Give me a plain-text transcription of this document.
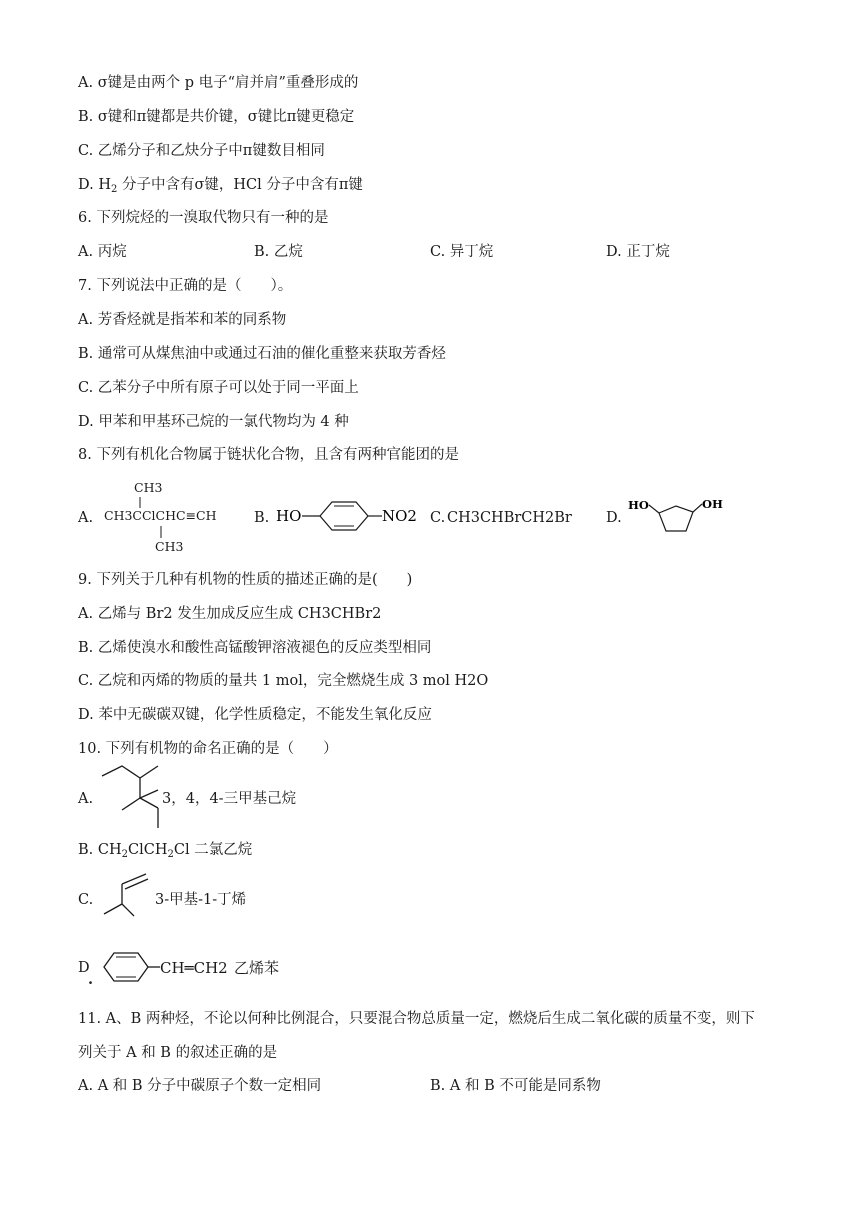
A. σ键是由两个 p 电子“肩并肩”重叠形成的
B. σ键和π键都是共价键，σ键比π键更稳定
C. 乙烯分子和乙炔分子中π键数目相同
D. $H_2$ 分子中含有σ键，HCl 分子中含有π键
6. 下列烷烃的一溴取代物只有一种的是
A. 丙烷	B. 乙烷	C. 异丁烷	D. 正丁烷
7. 下列说法中正确的是（　　）。
A. 芳香烃就是指苯和苯的同系物
B. 通常可从煤焦油中或通过石油的催化重整来获取芳香烃
C. 乙苯分子中所有原子可以处于同一平面上
D. 甲苯和甲基环己烷的一氯代物均为 4 种
8. 下列有机化合物属于链状化合物，且含有两种官能团的是
A.
CH3
CH3CClCHC≡CH
CH3
B. HO	NO2 C. CH3CHBrCH2Br D.
HO	OH
9. 下列关于几种有机物的性质的描述正确的是(　　)
A. 乙烯与 Br2 发生加成反应生成 CH3CHBr2
B. 乙烯使溴水和酸性高锰酸钾溶液褪色的反应类型相同
C. 乙烷和丙烯的物质的量共 1 mol，完全燃烧生成 3 mol H2O
D. 苯中无碳碳双键，化学性质稳定，不能发生氧化反应
10. 下列有机物的命名正确的是（　　）
A.	3，4，4-三甲基己烷
B. $CH_2ClCH_2Cl$ 二氯乙烷
C.	3-甲基-1-丁烯
D
.
CH═CH2 乙烯苯
11. A、B 两种烃，不论以何种比例混合，只要混合物总质量一定，燃烧后生成二氧化碳的质量不变，则下
列关于 A 和 B 的叙述正确的是
A. A 和 B 分子中碳原子个数一定相同	B. A 和 B 不可能是同系物
